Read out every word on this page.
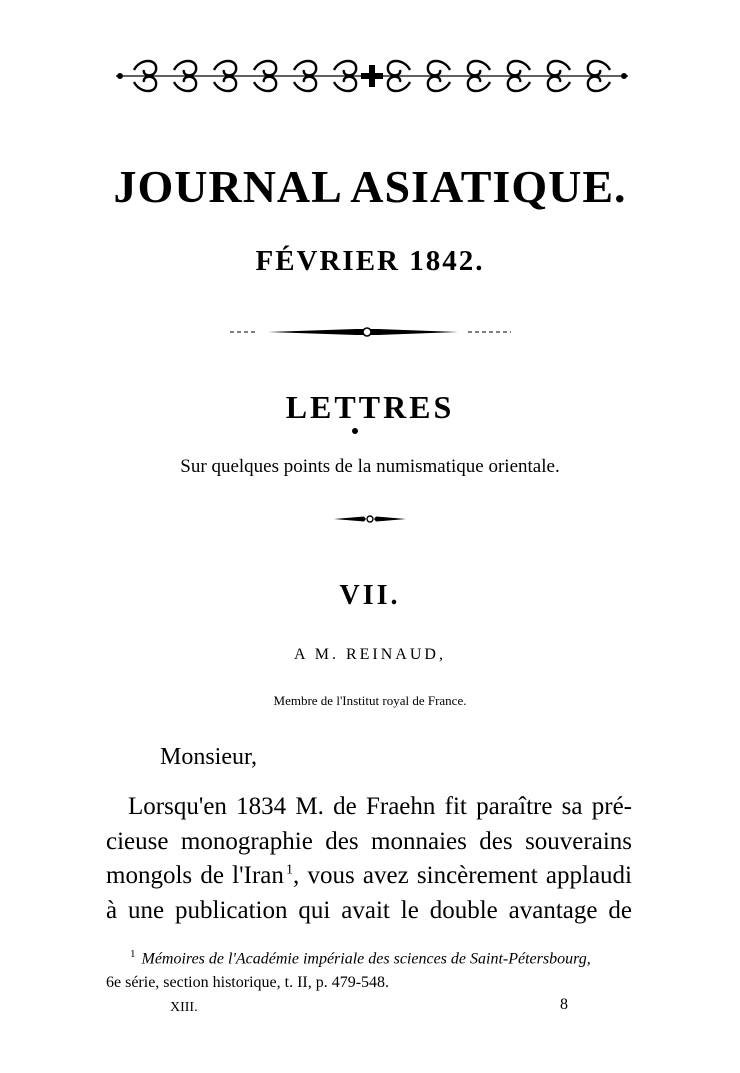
JOURNAL ASIATIQUE.
FÉVRIER 1842.
LETTRES
Sur quelques points de la numismatique orientale.
VII.
A M. REINAUD,
Membre de l'Institut royal de France.
Monsieur,
Lorsqu'en 1834 M. de Fraehn fit paraître sa pré-
cieuse monographie des monnaies des souverains
mongols de l'Iran  $^1$, vous avez sincèrement applaudi
à une publication qui avait le double avantage de
$^1$ Mémoires de l'Académie impériale des sciences de Saint-Pétersbourg,
6e série, section historique, t. II, p. 479-548.
XIII.	8
